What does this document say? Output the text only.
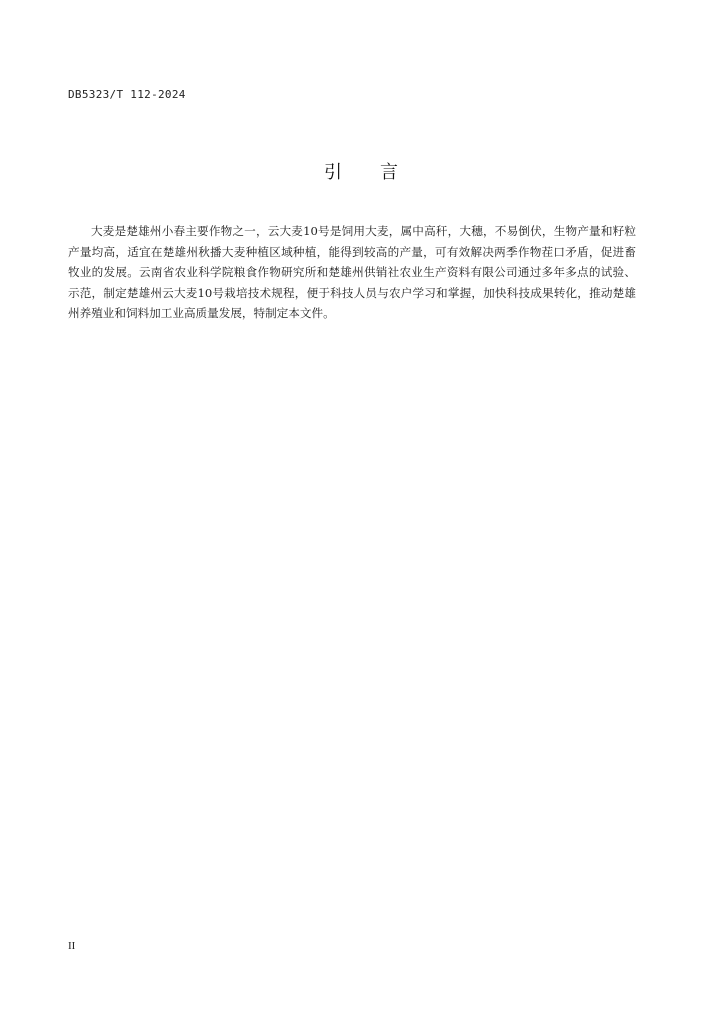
DB5323/T 112-2024
引 言

大麦是楚雄州小春主要作物之一，云大麦10号是饲用大麦，属中高秆，大穗，不易倒伏，生物产量和籽粒产量均高，适宜在楚雄州秋播大麦种植区域种植，能得到较高的产量，可有效解决两季作物茬口矛盾，促进畜牧业的发展。云南省农业科学院粮食作物研究所和楚雄州供销社农业生产资料有限公司通过多年多点的试验、示范，制定楚雄州云大麦10号栽培技术规程，便于科技人员与农户学习和掌握，加快科技成果转化，推动楚雄州养殖业和饲料加工业高质量发展，特制定本文件。

II
